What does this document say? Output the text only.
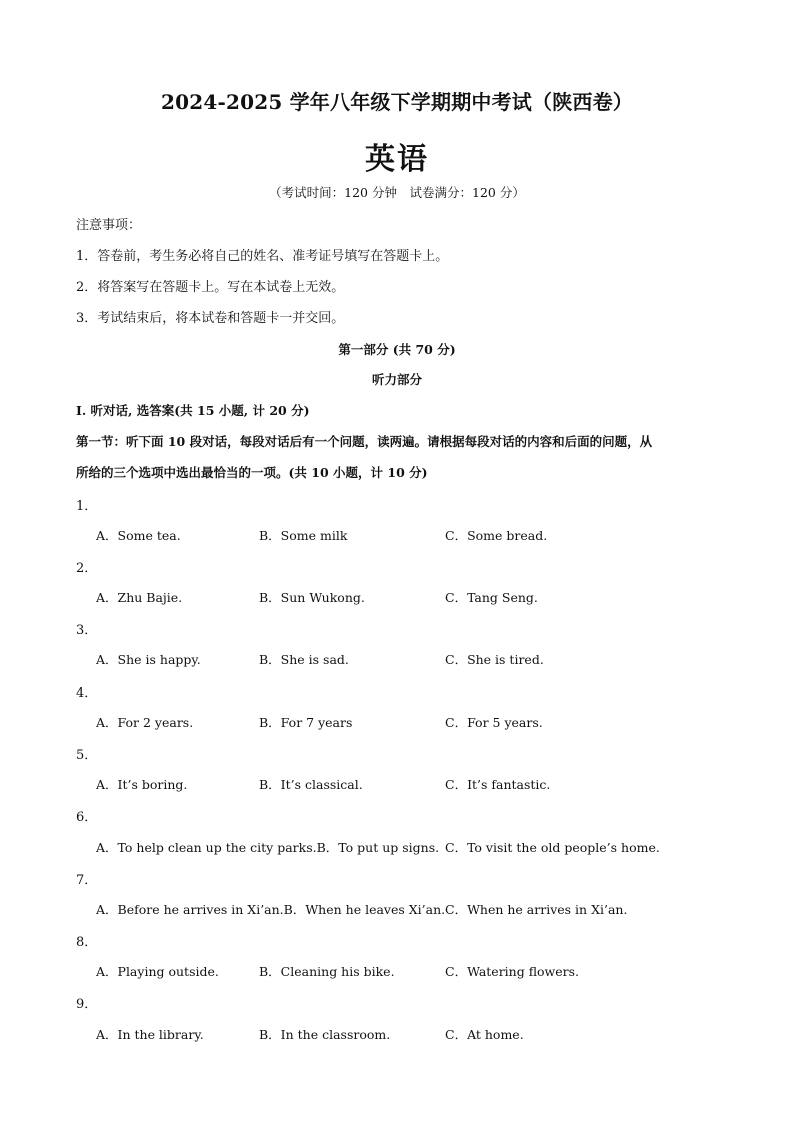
2024-2025 学年八年级下学期期中考试（陕西卷）
英语
（考试时间：120 分钟　试卷满分：120 分）
注意事项：
1．答卷前，考生务必将自己的姓名、准考证号填写在答题卡上。
2．将答案写在答题卡上。写在本试卷上无效。
3．考试结束后，将本试卷和答题卡一并交回。
第一部分 (共 70 分)
听力部分
I. 听对话, 选答案(共 15 小题, 计 20 分)
第一节：听下面 10 段对话，每段对话后有一个问题，读两遍。请根据每段对话的内容和后面的问题，从
所给的三个选项中选出最恰当的一项。(共 10 小题，计 10 分)
1．
A．Some tea.	B．Some milk	C．Some bread.
2．
A．Zhu Bajie.	B．Sun Wukong.	C．Tang Seng.
3．
A．She is happy.	B．She is sad.	C．She is tired.
4．
A．For 2 years.	B．For 7 years	C．For 5 years.
5．
A．It’s boring.	B．It’s classical.	C．It’s fantastic.
6．
A．To help clean up the city parks.B．To put up signs. C．To visit the old people’s home.
7．
A．Before he arrives in Xi’an.B．When he leaves Xi’an. C．When he arrives in Xi’an.
8．
A．Playing outside.	B．Cleaning his bike.	C．Watering flowers.
9．
A．In the library.	B．In the classroom.	C．At home.
